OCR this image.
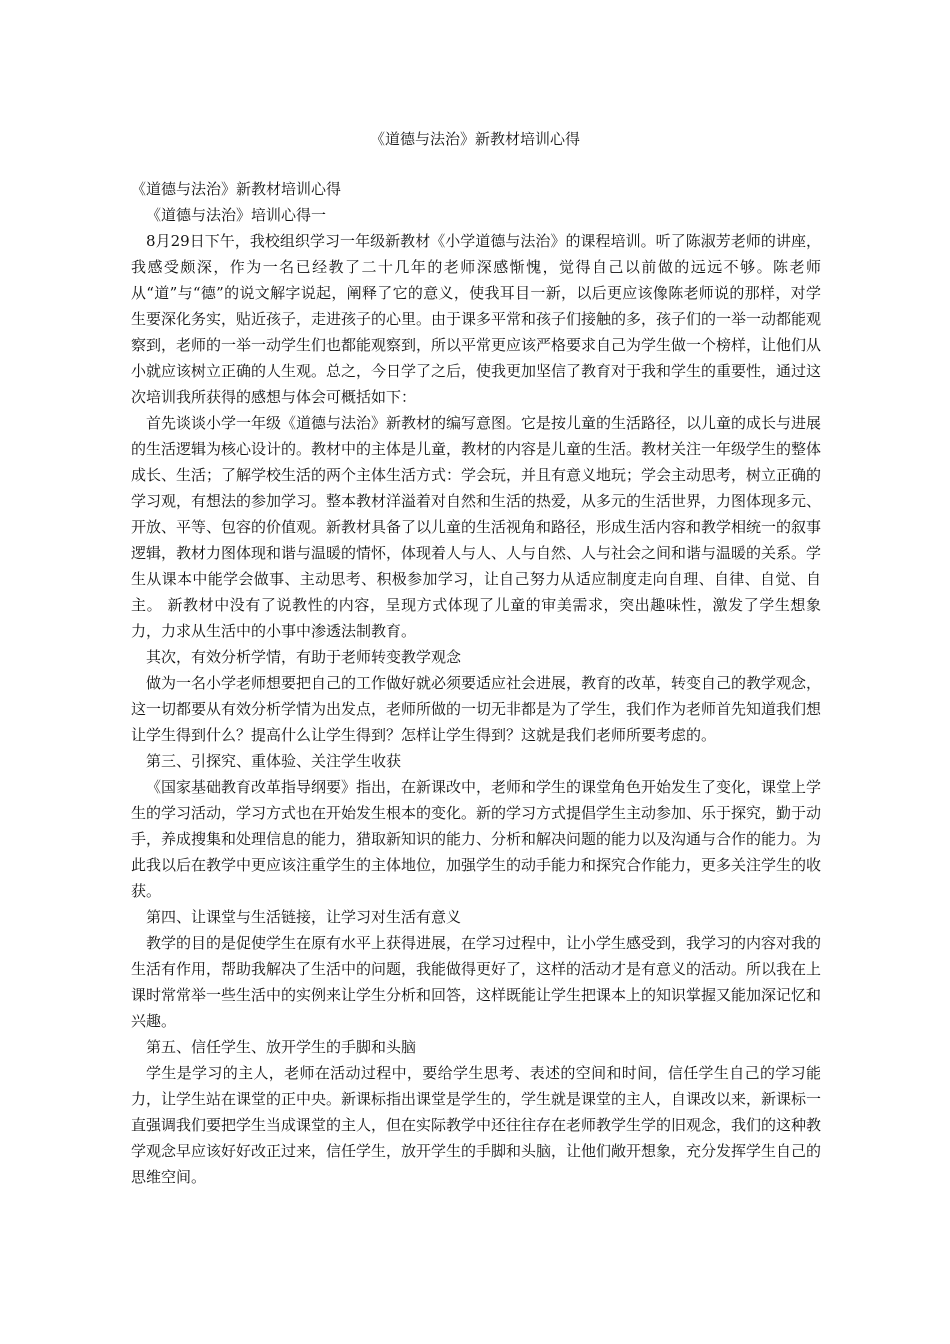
《道德与法治》新教材培训心得

《道德与法治》新教材培训心得

《道德与法治》培训心得一

8月29日下午，我校组织学习一年级新教材《小学道德与法治》的课程培训。听了陈淑芳老师的讲座，我感受颇深，作为一名已经教了二十几年的老师深感惭愧，觉得自己以前做的远远不够。陈老师从“道”与“德”的说文解字说起，阐释了它的意义，使我耳目一新，以后更应该像陈老师说的那样，对学生要深化务实，贴近孩子，走进孩子的心里。由于课多平常和孩子们接触的多，孩子们的一举一动都能观察到，老师的一举一动学生们也都能观察到，所以平常更应该严格要求自己为学生做一个榜样，让他们从小就应该树立正确的人生观。总之，今日学了之后，使我更加坚信了教育对于我和学生的重要性，通过这次培训我所获得的感想与体会可概括如下：

首先谈谈小学一年级《道德与法治》新教材的编写意图。它是按儿童的生活路径，以儿童的成长与进展的生活逻辑为核心设计的。教材中的主体是儿童，教材的内容是儿童的生活。教材关注一年级学生的整体成长、生活；了解学校生活的两个主体生活方式：学会玩，并且有意义地玩；学会主动思考，树立正确的学习观，有想法的参加学习。整本教材洋溢着对自然和生活的热爱，从多元的生活世界，力图体现多元、开放、平等、包容的价值观。新教材具备了以儿童的生活视角和路径，形成生活内容和教学相统一的叙事逻辑，教材力图体现和谐与温暖的情怀，体现着人与人、人与自然、人与社会之间和谐与温暖的关系。学生从课本中能学会做事、主动思考、积极参加学习，让自己努力从适应制度走向自理、自律、自觉、自主。 新教材中没有了说教性的内容，呈现方式体现了儿童的审美需求，突出趣味性，激发了学生想象力，力求从生活中的小事中渗透法制教育。

其次，有效分析学情，有助于老师转变教学观念

做为一名小学老师想要把自己的工作做好就必须要适应社会进展，教育的改革，转变自己的教学观念，这一切都要从有效分析学情为出发点，老师所做的一切无非都是为了学生，我们作为老师首先知道我们想让学生得到什么？提高什么让学生得到？怎样让学生得到？这就是我们老师所要考虑的。

第三、引探究、重体验、关注学生收获

《国家基础教育改革指导纲要》指出，在新课改中，老师和学生的课堂角色开始发生了变化，课堂上学生的学习活动，学习方式也在开始发生根本的变化。新的学习方式提倡学生主动参加、乐于探究，勤于动手，养成搜集和处理信息的能力，猎取新知识的能力、分析和解决问题的能力以及沟通与合作的能力。为此我以后在教学中更应该注重学生的主体地位，加强学生的动手能力和探究合作能力，更多关注学生的收获。

第四、让课堂与生活链接，让学习对生活有意义

教学的目的是促使学生在原有水平上获得进展，在学习过程中，让小学生感受到，我学习的内容对我的生活有作用，帮助我解决了生活中的问题，我能做得更好了，这样的活动才是有意义的活动。所以我在上课时常常举一些生活中的实例来让学生分析和回答，这样既能让学生把课本上的知识掌握又能加深记忆和兴趣。

第五、信任学生、放开学生的手脚和头脑

学生是学习的主人，老师在活动过程中，要给学生思考、表述的空间和时间，信任学生自己的学习能力，让学生站在课堂的正中央。新课标指出课堂是学生的，学生就是课堂的主人，自课改以来，新课标一直强调我们要把学生当成课堂的主人，但在实际教学中还往往存在老师教学生学的旧观念，我们的这种教学观念早应该好好改正过来，信任学生，放开学生的手脚和头脑，让他们敞开想象，充分发挥学生自己的思维空间。
